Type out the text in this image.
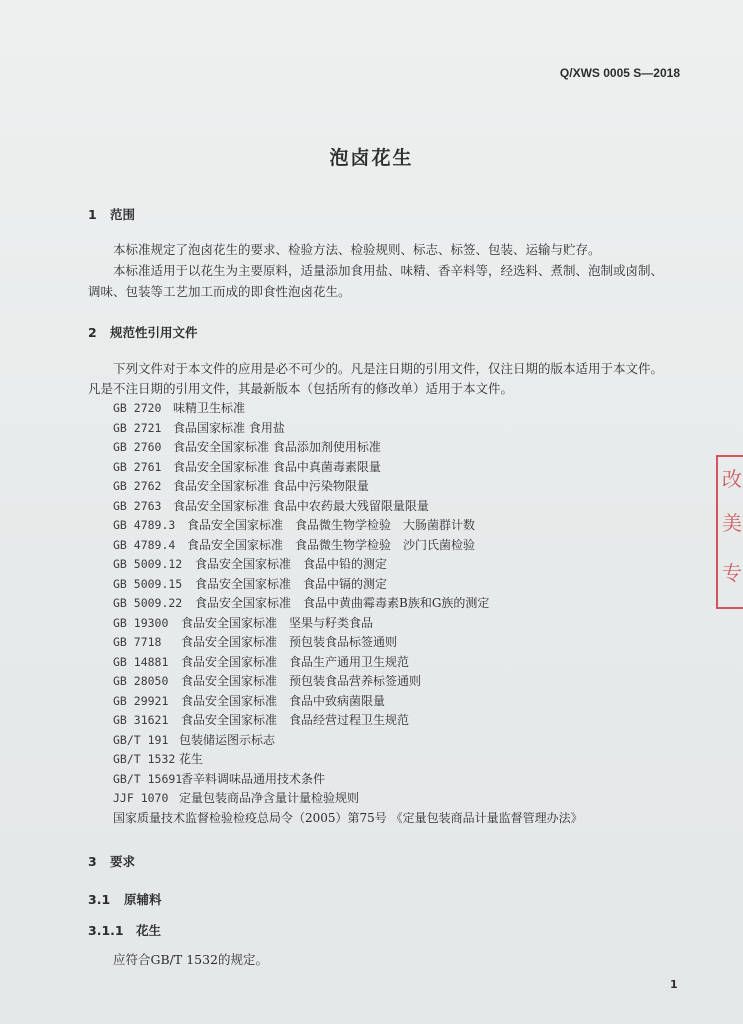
Q/XWS 0005 S—2018
泡卤花生
1 范围
本标准规定了泡卤花生的要求、检验方法、检验规则、标志、标签、包装、运输与贮存。
本标准适用于以花生为主要原料，适量添加食用盐、味精、香辛料等，经选料、煮制、泡制或卤制、
调味、包装等工艺加工而成的即食性泡卤花生。
2 规范性引用文件
下列文件对于本文件的应用是必不可少的。凡是注日期的引用文件，仅注日期的版本适用于本文件。
凡是不注日期的引用文件，其最新版本（包括所有的修改单）适用于本文件。
GB 2720 味精卫生标准
GB 2721 食品国家标准 食用盐
GB 2760 食品安全国家标准 食品添加剂使用标准
GB 2761 食品安全国家标准 食品中真菌毒素限量
GB 2762 食品安全国家标准 食品中污染物限量
GB 2763 食品安全国家标准 食品中农药最大残留限量限量
GB 4789.3 食品安全国家标准　食品微生物学检验　大肠菌群计数
GB 4789.4 食品安全国家标准　食品微生物学检验　沙门氏菌检验
GB 5009.12 食品安全国家标准　食品中铅的测定
GB 5009.15 食品安全国家标准　食品中镉的测定
GB 5009.22 食品安全国家标准　食品中黄曲霉毒素B族和G族的测定
GB 19300 食品安全国家标准　坚果与籽类食品
GB 7718 食品安全国家标准　预包装食品标签通则
GB 14881 食品安全国家标准　食品生产通用卫生规范
GB 28050 食品安全国家标准　预包装食品营养标签通则
GB 29921 食品安全国家标准　食品中致病菌限量
GB 31621 食品安全国家标准　食品经营过程卫生规范
GB/T 191 包装储运图示标志
GB/T 1532 花生
GB/T 15691香辛料调味品通用技术条件
JJF 1070 定量包装商品净含量计量检验规则
国家质量技术监督检验检疫总局令（2005）第75号 《定量包装商品计量监督管理办法》
3 要求
3.1 原辅料
3.1.1 花生
应符合GB/T 1532的规定。
1
改
美
专
